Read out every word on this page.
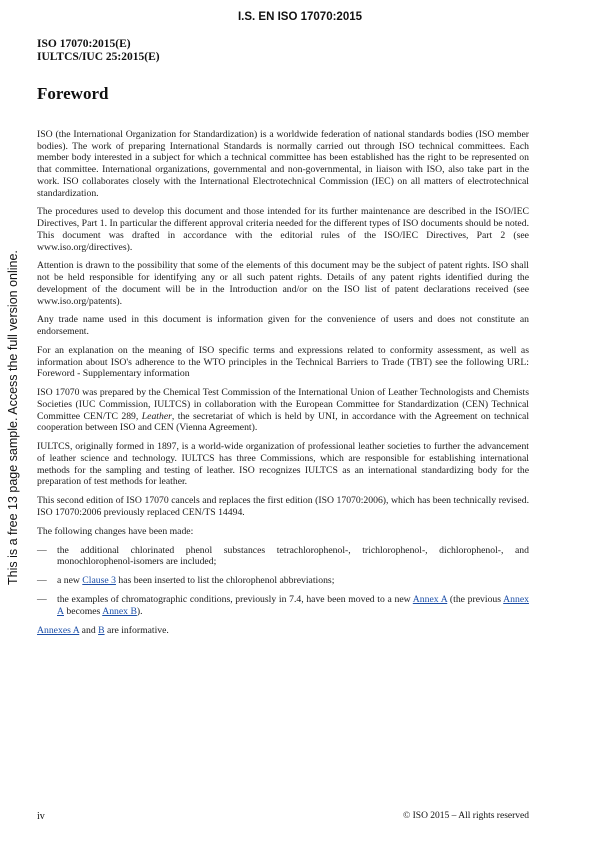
I.S. EN ISO 17070:2015
ISO 17070:2015(E)
IULTCS/IUC 25:2015(E)
This is a free 13 page sample. Access the full version online.
Foreword

ISO (the International Organization for Standardization) is a worldwide federation of national standards bodies (ISO member bodies). The work of preparing International Standards is normally carried out through ISO technical committees. Each member body interested in a subject for which a technical committee has been established has the right to be represented on that committee. International organizations, governmental and non-governmental, in liaison with ISO, also take part in the work. ISO collaborates closely with the International Electrotechnical Commission (IEC) on all matters of electrotechnical standardization.

The procedures used to develop this document and those intended for its further maintenance are described in the ISO/IEC Directives, Part 1. In particular the different approval criteria needed for the different types of ISO documents should be noted. This document was drafted in accordance with the editorial rules of the ISO/IEC Directives, Part 2 (see www.iso.org/directives).

Attention is drawn to the possibility that some of the elements of this document may be the subject of patent rights. ISO shall not be held responsible for identifying any or all such patent rights. Details of any patent rights identified during the development of the document will be in the Introduction and/or on the ISO list of patent declarations received (see www.iso.org/patents).

Any trade name used in this document is information given for the convenience of users and does not constitute an endorsement.

For an explanation on the meaning of ISO specific terms and expressions related to conformity assessment, as well as information about ISO's adherence to the WTO principles in the Technical Barriers to Trade (TBT) see the following URL: Foreword - Supplementary information

ISO 17070 was prepared by the Chemical Test Commission of the International Union of Leather Technologists and Chemists Societies (IUC Commission, IULTCS) in collaboration with the European Committee for Standardization (CEN) Technical Committee CEN/TC 289, Leather, the secretariat of which is held by UNI, in accordance with the Agreement on technical cooperation between ISO and CEN (Vienna Agreement).

IULTCS, originally formed in 1897, is a world-wide organization of professional leather societies to further the advancement of leather science and technology. IULTCS has three Commissions, which are responsible for establishing international methods for the sampling and testing of leather. ISO recognizes IULTCS as an international standardizing body for the preparation of test methods for leather.

This second edition of ISO 17070 cancels and replaces the first edition (ISO 17070:2006), which has been technically revised. ISO 17070:2006 previously replaced CEN/TS 14494.

The following changes have been made:

—	the additional chlorinated phenol substances tetrachlorophenol-, trichlorophenol-, dichlorophenol-, and monochlorophenol-isomers are included;
—	a new Clause 3 has been inserted to list the chlorophenol abbreviations;
—	the examples of chromatographic conditions, previously in 7.4, have been moved to a new Annex A (the previous Annex A becomes Annex B).

Annexes A and B are informative.

iv	© ISO 2015 – All rights reserved
